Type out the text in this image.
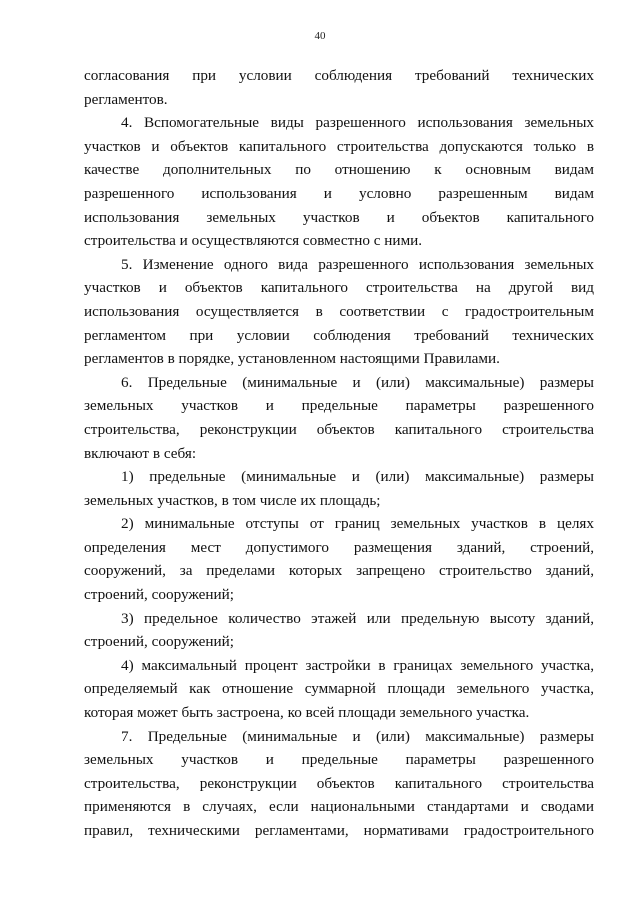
40
согласования при условии соблюдения требований технических
регламентов.
4. Вспомогательные виды разрешенного использования земельных
участков и объектов капитального строительства допускаются только в
качестве дополнительных по отношению к основным видам
разрешенного использования и условно разрешенным видам
использования земельных участков и объектов капитального
строительства и осуществляются совместно с ними.
5. Изменение одного вида разрешенного использования земельных
участков и объектов капитального строительства на другой вид
использования осуществляется в соответствии с градостроительным
регламентом при условии соблюдения требований технических
регламентов в порядке, установленном настоящими Правилами.
6. Предельные (минимальные и (или) максимальные) размеры
земельных участков и предельные параметры разрешенного
строительства, реконструкции объектов капитального строительства
включают в себя:
1) предельные (минимальные и (или) максимальные) размеры
земельных участков, в том числе их площадь;
2) минимальные отступы от границ земельных участков в целях
определения мест допустимого размещения зданий, строений,
сооружений, за пределами которых запрещено строительство зданий,
строений, сооружений;
3) предельное количество этажей или предельную высоту зданий,
строений, сооружений;
4) максимальный процент застройки в границах земельного участка,
определяемый как отношение суммарной площади земельного участка,
которая может быть застроена, ко всей площади земельного участка.
7. Предельные (минимальные и (или) максимальные) размеры
земельных участков и предельные параметры разрешенного
строительства, реконструкции объектов капитального строительства
применяются в случаях, если национальными стандартами и сводами
правил, техническими регламентами, нормативами градостроительного
